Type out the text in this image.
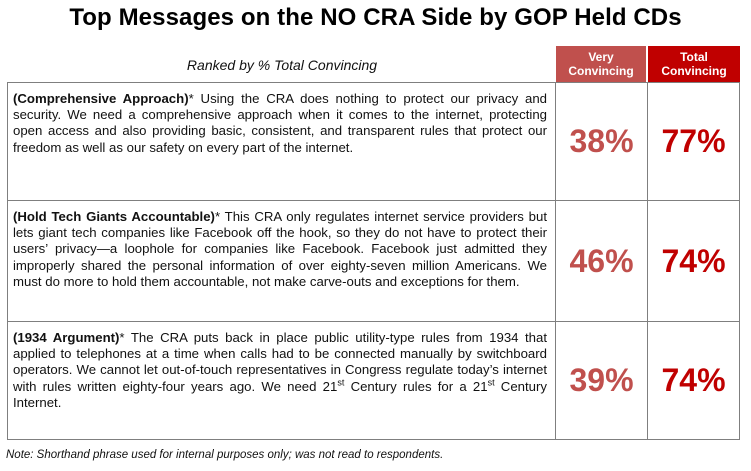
Top Messages on the NO CRA Side by GOP Held CDs
Ranked by % Total Convincing	Very Convincing
Total Convincing
(Comprehensive Approach)* Using the CRA does nothing to protect our privacy and security. We need a comprehensive approach when it comes to the internet, protecting open access and also providing basic, consistent, and transparent rules that protect our freedom as well as our safety on every part of the internet.	38% 77%
(Hold Tech Giants Accountable)* This CRA only regulates internet service providers but lets giant tech companies like Facebook off the hook, so they do not have to protect their users’ privacy—a loophole for companies like Facebook. Facebook just admitted they improperly shared the personal information of over eighty-seven million Americans. We must do more to hold them accountable, not make carve-outs and exceptions for them.
46% 74%
(1934 Argument)* The CRA puts back in place public utility-type rules from 1934 that applied to telephones at a time when calls had to be connected manually by switchboard operators. We cannot let out-of-touch representatives in Congress regulate today’s internet with rules written eighty-four years ago. We need 21st Century rules for a 21st Century Internet.
39% 74%
Note: Shorthand phrase used for internal purposes only; was not read to respondents.
